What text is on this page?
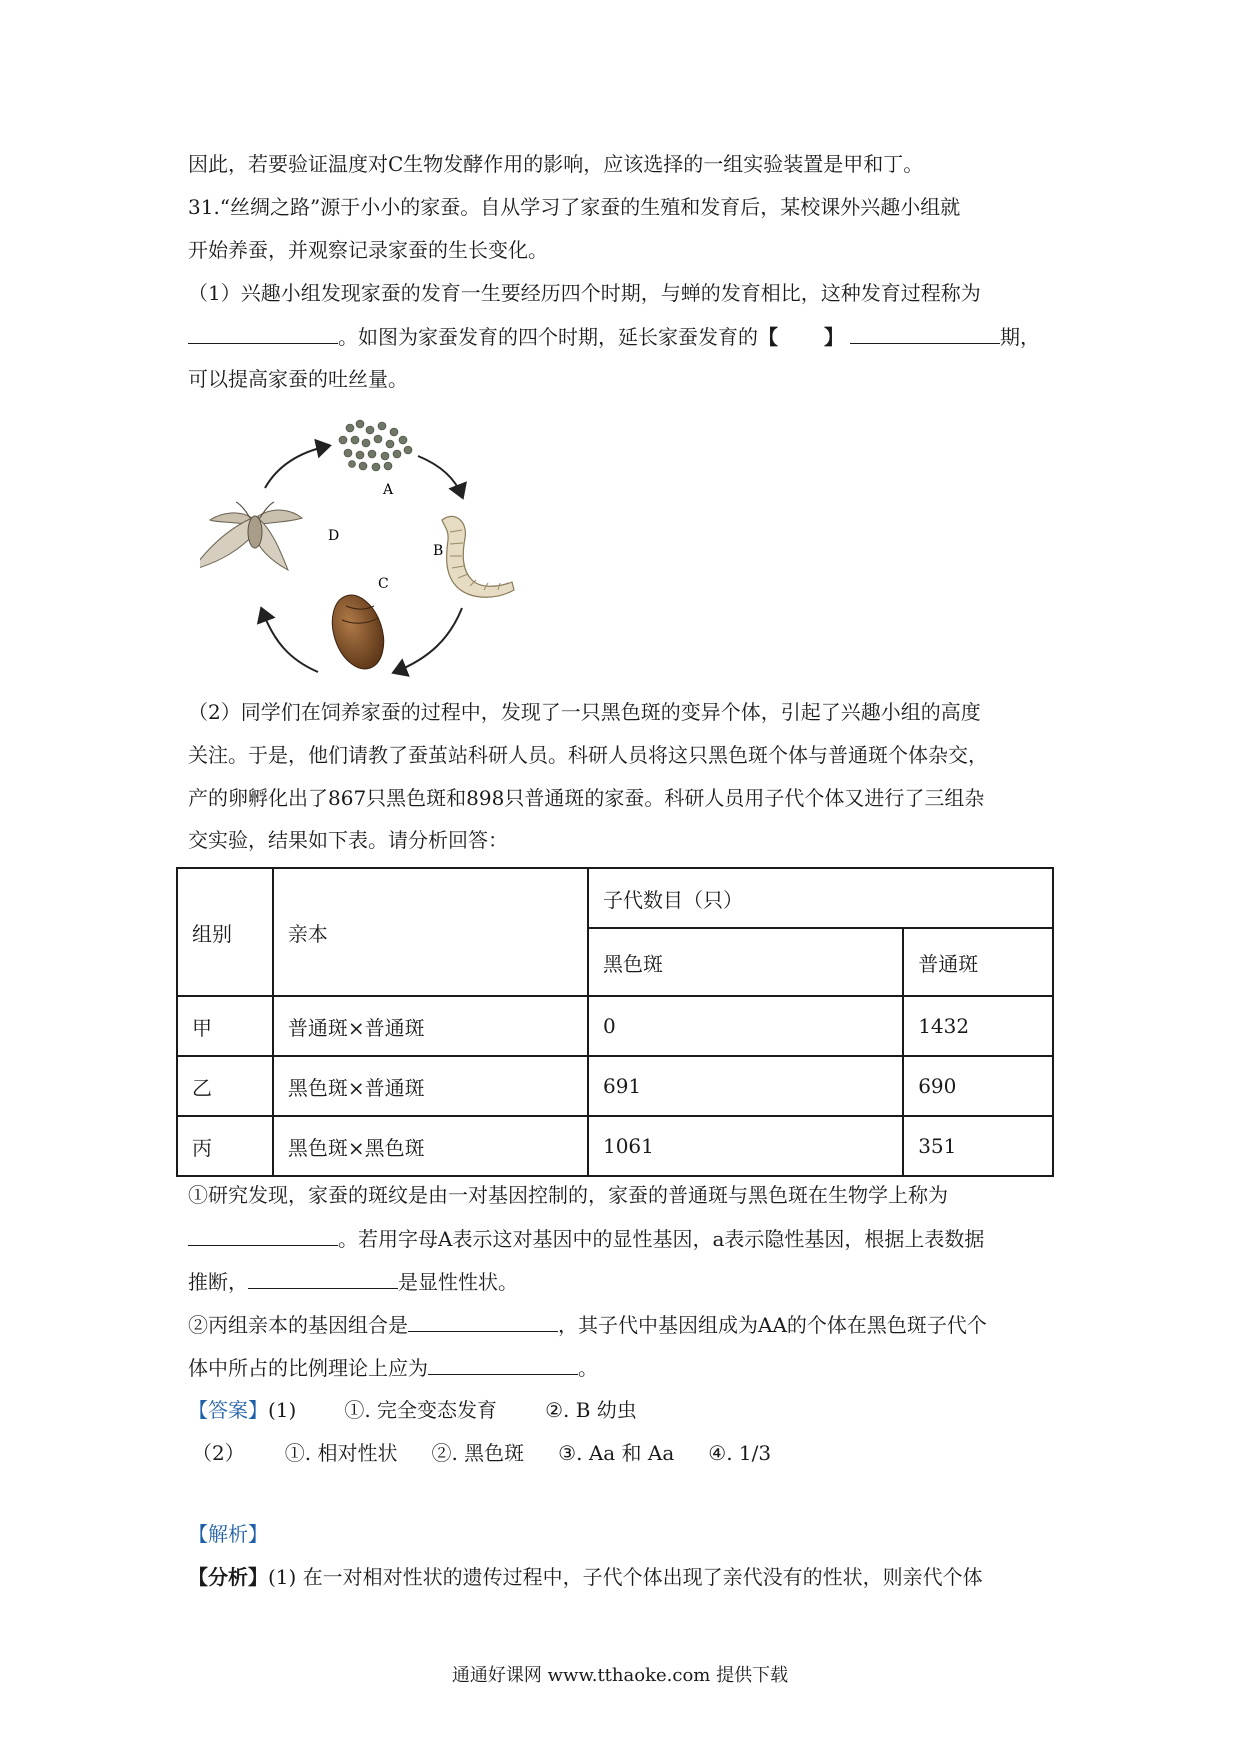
因此，若要验证温度对C生物发酵作用的影响，应该选择的一组实验装置是甲和丁。
31.“丝绸之路”源于小小的家蚕。自从学习了家蚕的生殖和发育后，某校课外兴趣小组就
开始养蚕，并观察记录家蚕的生长变化。
（1）兴趣小组发现家蚕的发育一生要经历四个时期，与蝉的发育相比，这种发育过程称为
。如图为家蚕发育的四个时期，延长家蚕发育的【 】	期，
可以提高家蚕的吐丝量。
A
B
C
D
（2）同学们在饲养家蚕的过程中，发现了一只黑色斑的变异个体，引起了兴趣小组的高度
关注。于是，他们请教了蚕茧站科研人员。科研人员将这只黑色斑个体与普通斑个体杂交，
产的卵孵化出了867只黑色斑和898只普通斑的家蚕。科研人员用子代个体又进行了三组杂
交实验，结果如下表。请分析回答：
组别	亲本	子代数目（只）	
		黑色斑	普通斑
甲	普通斑×普通斑	0	1432
乙	黑色斑×普通斑	691	690
丙	黑色斑×黑色斑	1061	351
①研究发现，家蚕的斑纹是由一对基因控制的，家蚕的普通斑与黑色斑在生物学上称为
。若用字母A表示这对基因中的显性基因，a表示隐性基因，根据上表数据
推断，	是显性性状。
②丙组亲本的基因组合是	，其子代中基因组成为AA的个体在黑色斑子代个
体中所占的比例理论上应为	。
【答案】(1) ①. 完全变态发育 ②. B 幼虫
（2） ①. 相对性状 ②. 黑色斑 ③. Aa 和 Aa ④. 1/3
【解析】
【分析】(1) 在一对相对性状的遗传过程中，子代个体出现了亲代没有的性状，则亲代个体
通通好课网 www.tthaoke.com 提供下载
